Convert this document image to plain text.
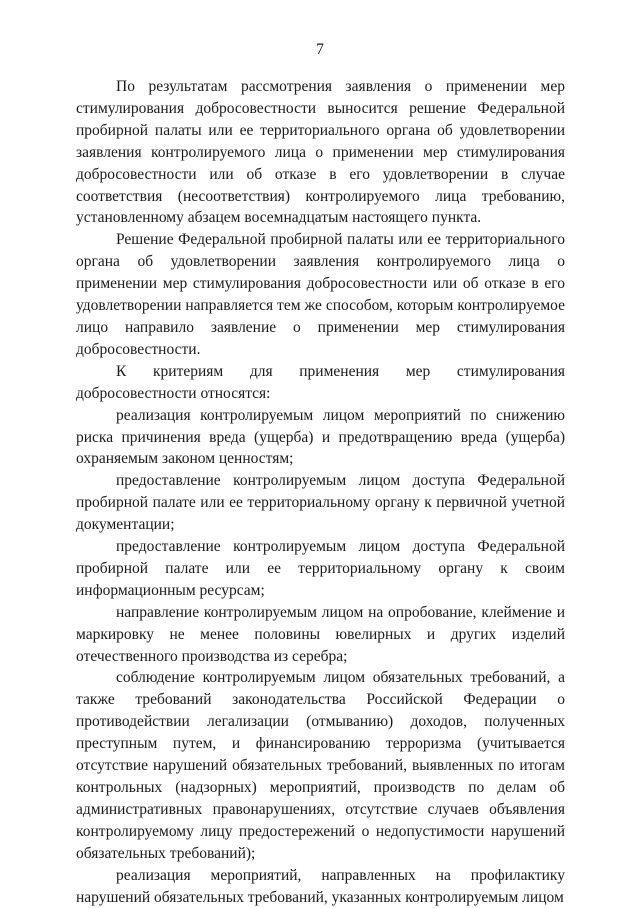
7

По результатам рассмотрения заявления о применении мер стимулирования добросовестности выносится решение Федеральной пробирной палаты или ее территориального органа об удовлетворении заявления контролируемого лица о применении мер стимулирования добросовестности или об отказе в его удовлетворении в случае соответствия (несоответствия) контролируемого лица требованию, установленному абзацем восемнадцатым настоящего пункта.

Решение Федеральной пробирной палаты или ее территориального органа об удовлетворении заявления контролируемого лица о применении мер стимулирования добросовестности или об отказе в его удовлетворении направляется тем же способом, которым контролируемое лицо направило заявление о применении мер стимулирования добросовестности.

К критериям для применения мер стимулирования добросовестности относятся:

реализация контролируемым лицом мероприятий по снижению риска причинения вреда (ущерба) и предотвращению вреда (ущерба) охраняемым законом ценностям;

предоставление контролируемым лицом доступа Федеральной пробирной палате или ее территориальному органу к первичной учетной документации;

предоставление контролируемым лицом доступа Федеральной пробирной палате или ее территориальному органу к своим информационным ресурсам;

направление контролируемым лицом на опробование, клеймение и маркировку не менее половины ювелирных и других изделий отечественного производства из серебра;

соблюдение контролируемым лицом обязательных требований, а также требований законодательства Российской Федерации о противодействии легализации (отмыванию) доходов, полученных преступным путем, и финансированию терроризма (учитывается отсутствие нарушений обязательных требований, выявленных по итогам контрольных (надзорных) мероприятий, производств по делам об административных правонарушениях, отсутствие случаев объявления контролируемому лицу предостережений о недопустимости нарушений обязательных требований);

реализация мероприятий, направленных на профилактику нарушений обязательных требований, указанных контролируемым лицом
